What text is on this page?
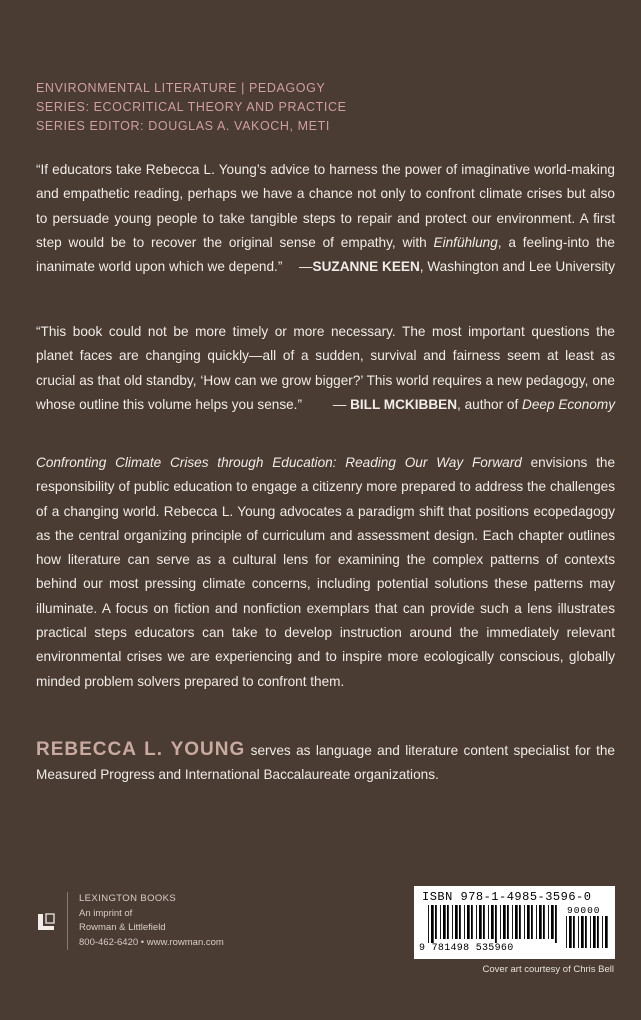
ENVIRONMENTAL LITERATURE | PEDAGOGY
SERIES: ECOCRITICAL THEORY AND PRACTICE
SERIES EDITOR: DOUGLAS A. VAKOCH, METI
“If educators take Rebecca L. Young’s advice to harness the power of imaginative world-making and empathetic reading, perhaps we have a chance not only to confront climate crises but also to persuade young people to take tangible steps to repair and protect our environment. A first step would be to recover the original sense of empathy, with Einfühlung, a feeling-into the inanimate world upon which we depend.”	—SUZANNE KEEN, Washington and Lee University
“This book could not be more timely or more necessary. The most important questions the planet faces are changing quickly—all of a sudden, survival and fairness seem at least as crucial as that old standby, ‘How can we grow bigger?’ This world requires a new pedagogy, one whose outline this volume helps you sense.”	— BILL MCKIBBEN, author of Deep Economy
Confronting Climate Crises through Education: Reading Our Way Forward envisions the responsibility of public education to engage a citizenry more prepared to address the challenges of a changing world. Rebecca L. Young advocates a paradigm shift that positions ecopedagogy as the central organizing principle of curriculum and assessment design. Each chapter outlines how literature can serve as a cultural lens for examining the complex patterns of contexts behind our most pressing climate concerns, including potential solutions these patterns may illuminate. A focus on fiction and nonfiction exemplars that can provide such a lens illustrates practical steps educators can take to develop instruction around the immediately relevant environmental crises we are experiencing and to inspire more ecologically conscious, globally minded problem solvers prepared to confront them.
REBECCA L. YOUNG serves as language and literature content specialist for the Measured Progress and International Baccalaureate organizations.
LEXINGTON BOOKS
An imprint of
Rowman & Littlefield
800-462-6420 • www.rowman.com
ISBN 978-1-4985-3596-0
90000
9 781498 535960
Cover art courtesy of Chris Bell
